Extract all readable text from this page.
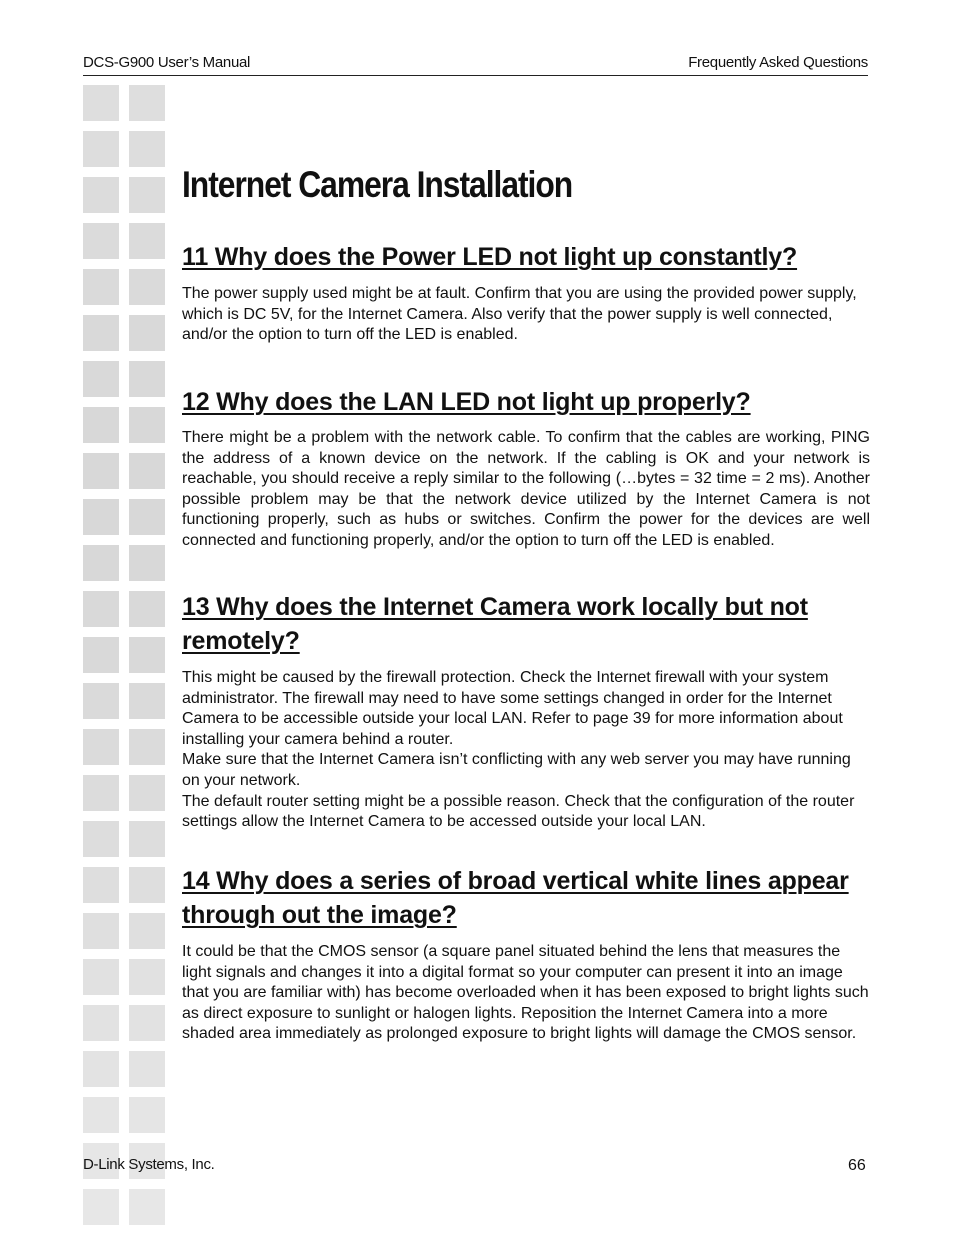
DCS-G900 User’s Manual	Frequently Asked Questions
Internet Camera Installation
11 Why does the Power LED not light up constantly?

The power supply used might be at fault. Confirm that you are using the provided power supply, which is DC 5V, for the Internet Camera. Also verify that the power supply is well connected, and/or the option to turn off the LED is enabled.

12 Why does the LAN LED not light up properly?

There might be a problem with the network cable. To confirm that the cables are working, PING the address of a known device on the network. If the cabling is OK and your network is reachable, you should receive a reply similar to the following (…bytes = 32 time = 2 ms). Another possible problem may be that the network device utilized by the Internet Camera is not functioning properly, such as hubs or switches. Confirm the power for the devices are well connected and functioning properly, and/or the option to turn off the LED is enabled.

13 Why does the Internet Camera work locally but not remotely?

This might be caused by the firewall protection. Check the Internet firewall with your system administrator. The firewall may need to have some settings changed in order for the Internet Camera to be accessible outside your local LAN. Refer to page 39 for more information about installing your camera behind a router.

Make sure that the Internet Camera isn’t conflicting with any web server you may have running on your network.

The default router setting might be a possible reason. Check that the configuration of the router settings allow the Internet Camera to be accessed outside your local LAN.

14 Why does a series of broad vertical white lines appear through out the image?

It could be that the CMOS sensor (a square panel situated behind the lens that measures the light signals and changes it into a digital format so your computer can present it into an image that you are familiar with) has become overloaded when it has been exposed to bright lights such as direct exposure to sunlight or halogen lights. Reposition the Internet Camera into a more shaded area immediately as prolonged exposure to bright lights will damage the CMOS sensor.

D-Link Systems, Inc.	66
